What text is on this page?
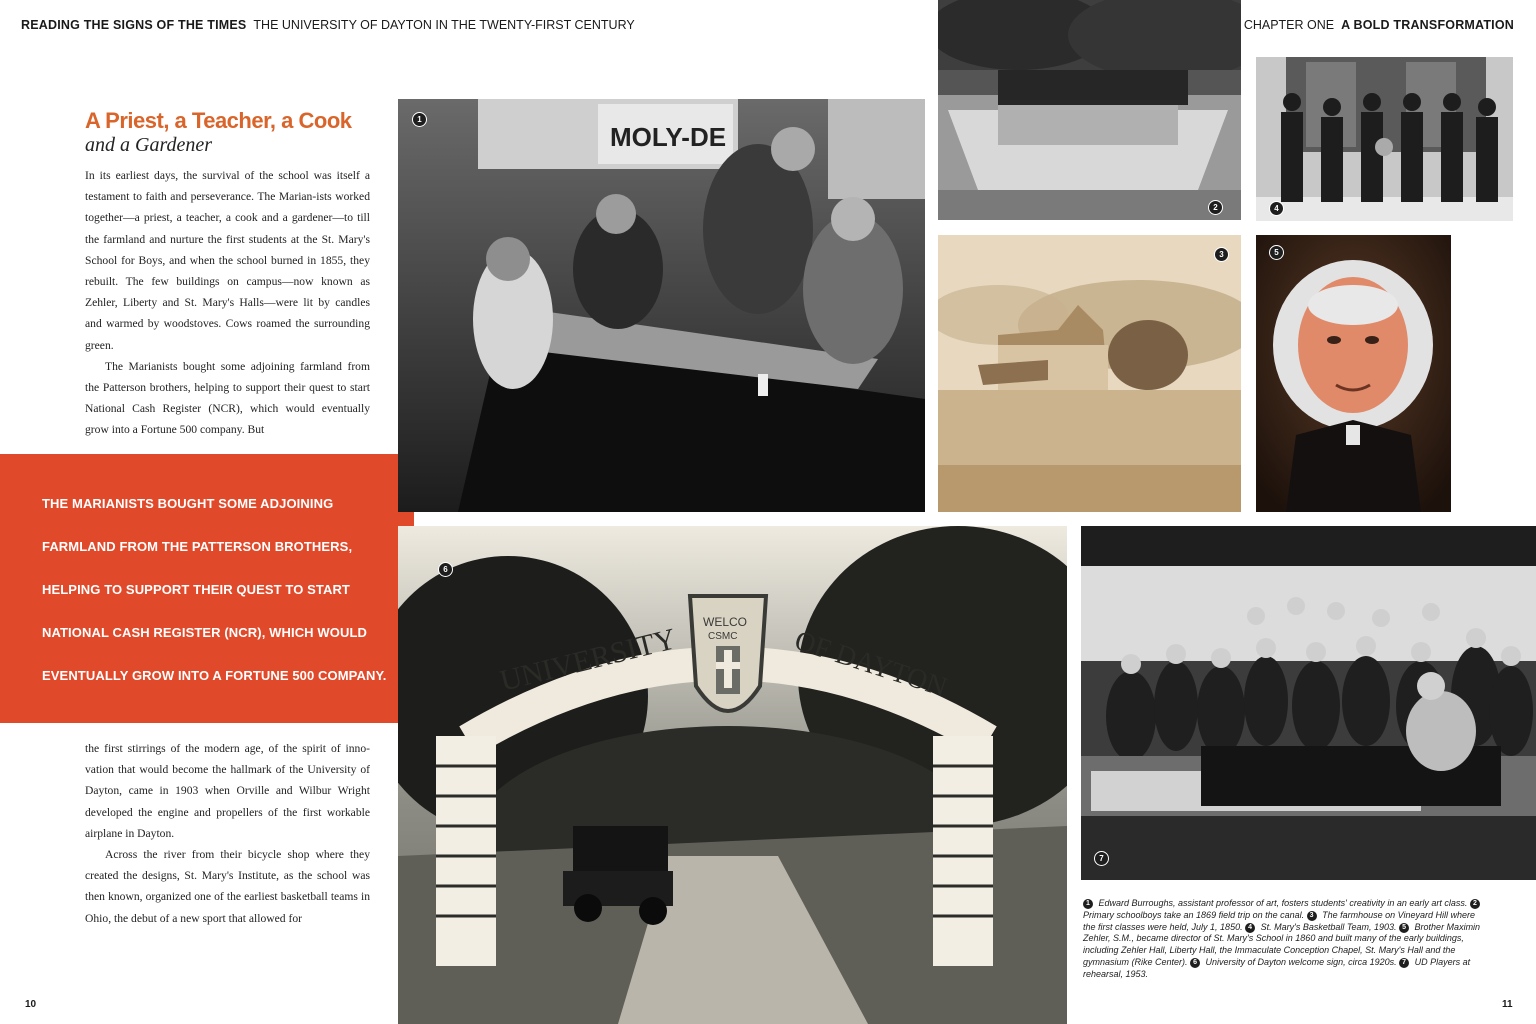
READING THE SIGNS OF THE TIMES THE UNIVERSITY OF DAYTON IN THE TWENTY-FIRST CENTURY	CHAPTER ONE A BOLD TRANSFORMATION
A Priest, a Teacher, a Cook
and a Gardener

In its earliest days, the survival of the school was itself a testament to faith and perseverance. The Marian-ists worked together—a priest, a teacher, a cook and a gardener—to till the farmland and nurture the first students at the St. Mary's School for Boys, and when the school burned in 1855, they rebuilt. The few buildings on campus—now known as Zehler, Liberty and St. Mary's Halls—were lit by candles and warmed by woodstoves. Cows roamed the surrounding green.

The Marianists bought some adjoining farmland from the Patterson brothers, helping to support their quest to start National Cash Register (NCR), which would eventually grow into a Fortune 500 company. But

THE MARIANISTS BOUGHT SOME ADJOINING FARMLAND FROM THE PATTERSON BROTHERS, HELPING TO SUPPORT THEIR QUEST TO START NATIONAL CASH REGISTER (NCR), WHICH WOULD EVENTUALLY GROW INTO A FORTUNE 500 COMPANY.

the first stirrings of the modern age, of the spirit of inno-vation that would become the hallmark of the University of Dayton, came in 1903 when Orville and Wilbur Wright developed the engine and propellers of the first workable airplane in Dayton.

Across the river from their bicycle shop where they created the designs, St. Mary's Institute, as the school was then known, organized one of the earliest basketball teams in Ohio, the debut of a new sport that allowed for

MOLY-DE
1
2	4
3	5
UNIVERSITY	OF DAYTON
WELCO
CSMC
6
7
1 Edward Burroughs, assistant professor of art, fosters students' creativity in an early art class. 2 Primary schoolboys take an 1869 field trip on the canal. 3 The farmhouse on Vineyard Hill where the first classes were held, July 1, 1850. 4 St. Mary's Basketball Team, 1903. 5 Brother Maximin Zehler, S.M., became director of St. Mary's School in 1860 and built many of the early buildings, including Zehler Hall, Liberty Hall, the Immaculate Conception Chapel, St. Mary's Hall and the gymnasium (Rike Center). 6 University of Dayton welcome sign, circa 1920s. 7 UD Players at rehearsal, 1953.
10	11
